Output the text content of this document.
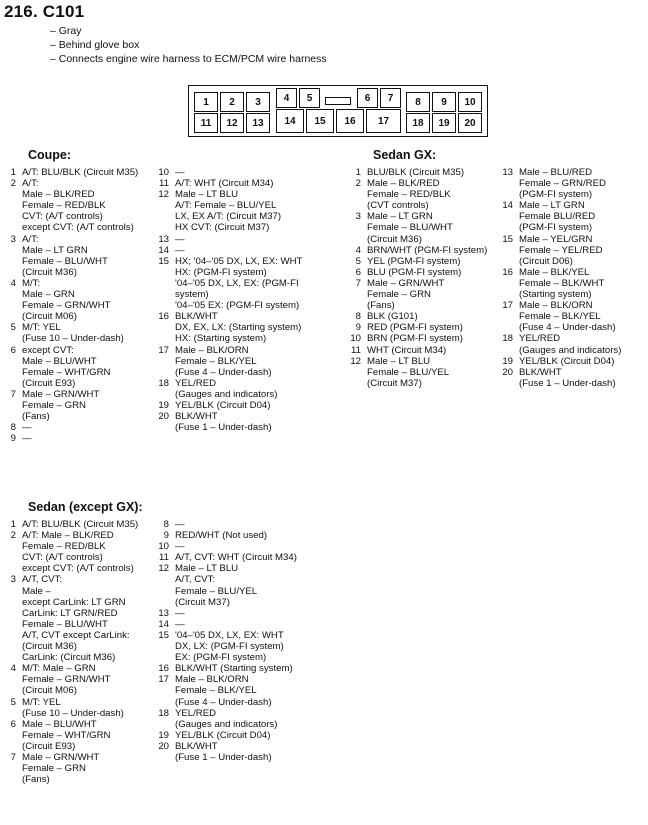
216. C101
– Gray
– Behind glove box
– Connects engine wire harness to ECM/PCM wire harness
1	2	3	4	5	6	7	8	9	10
11	12	13	14	15	16	17	18	19	20
Coupe:	Sedan GX:
Sedan (except GX):
1 A/T: BLU/BLK (Circuit M35)
2 A/T:
Male – BLK/RED
Female – RED/BLK
CVT: (A/T controls)
except CVT: (A/T controls)
3 A/T:
Male – LT GRN
Female – BLU/WHT
(Circuit M36)
4 M/T:
Male – GRN
Female – GRN/WHT
(Circuit M06)
5 M/T: YEL
(Fuse 10 – Under-dash)
6 except CVT:
Male – BLU/WHT
Female – WHT/GRN
(Circuit E93)
7 Male – GRN/WHT
Female – GRN
(Fans)
8 —
9 —
10 —
11 A/T: WHT (Circuit M34)
12 Male – LT BLU
A/T: Female – BLU/YEL
LX, EX A/T: (Circuit M37)
HX CVT: (Circuit M37)
13 —
14 —
15 HX; '04–'05 DX, LX, EX: WHT
HX: (PGM-FI system)
'04–'05 DX, LX, EX: (PGM-FI
system)
'04–'05 EX: (PGM-FI system)
16 BLK/WHT
DX, EX, LX: (Starting system)
HX: (Starting system)
17 Male – BLK/ORN
Female – BLK/YEL
(Fuse 4 – Under-dash)
18 YEL/RED
(Gauges and indicators)
19 YEL/BLK (Circuit D04)
20 BLK/WHT
(Fuse 1 – Under-dash)
1 BLU/BLK (Circuit M35)
2 Male – BLK/RED
Female – RED/BLK
(CVT controls)
3 Male – LT GRN
Female – BLU/WHT
(Circuit M36)
4 BRN/WHT (PGM-FI system)
5 YEL (PGM-FI system)
6 BLU (PGM-FI system)
7 Male – GRN/WHT
Female – GRN
(Fans)
8 BLK (G101)
9 RED (PGM-FI system)
10 BRN (PGM-FI system)
11 WHT (Circuit M34)
12 Male – LT BLU
Female – BLU/YEL
(Circuit M37)
13 Male – BLU/RED
Female – GRN/RED
(PGM-FI system)
14 Male – LT GRN
Female BLU/RED
(PGM-FI system)
15 Male – YEL/GRN
Female – YEL/RED
(Circuit D06)
16 Male – BLK/YEL
Female – BLK/WHT
(Starting system)
17 Male – BLK/ORN
Female – BLK/YEL
(Fuse 4 – Under-dash)
18 YEL/RED
(Gauges and indicators)
19 YEL/BLK (Circuit D04)
20 BLK/WHT
(Fuse 1 – Under-dash)
1 A/T: BLU/BLK (Circuit M35)
2 A/T: Male – BLK/RED
Female – RED/BLK
CVT: (A/T controls)
except CVT: (A/T controls)
3 A/T, CVT:
Male –
except CarLink: LT GRN
CarLink: LT GRN/RED
Female – BLU/WHT
A/T, CVT except CarLink:
(Circuit M36)
CarLink: (Circuit M36)
4 M/T: Male – GRN
Female – GRN/WHT
(Circuit M06)
5 M/T: YEL
(Fuse 10 – Under-dash)
6 Male – BLU/WHT
Female – WHT/GRN
(Circuit E93)
7 Male – GRN/WHT
Female – GRN
(Fans)
8 —
9 RED/WHT (Not used)
10 —
11 A/T, CVT: WHT (Circuit M34)
12 Male – LT BLU
A/T, CVT:
Female – BLU/YEL
(Circuit M37)
13 —
14 —
15 '04–'05 DX, LX, EX: WHT
DX, LX: (PGM-FI system)
EX: (PGM-FI system)
16 BLK/WHT (Starting system)
17 Male – BLK/ORN
Female – BLK/YEL
(Fuse 4 – Under-dash)
18 YEL/RED
(Gauges and indicators)
19 YEL/BLK (Circuit D04)
20 BLK/WHT
(Fuse 1 – Under-dash)
